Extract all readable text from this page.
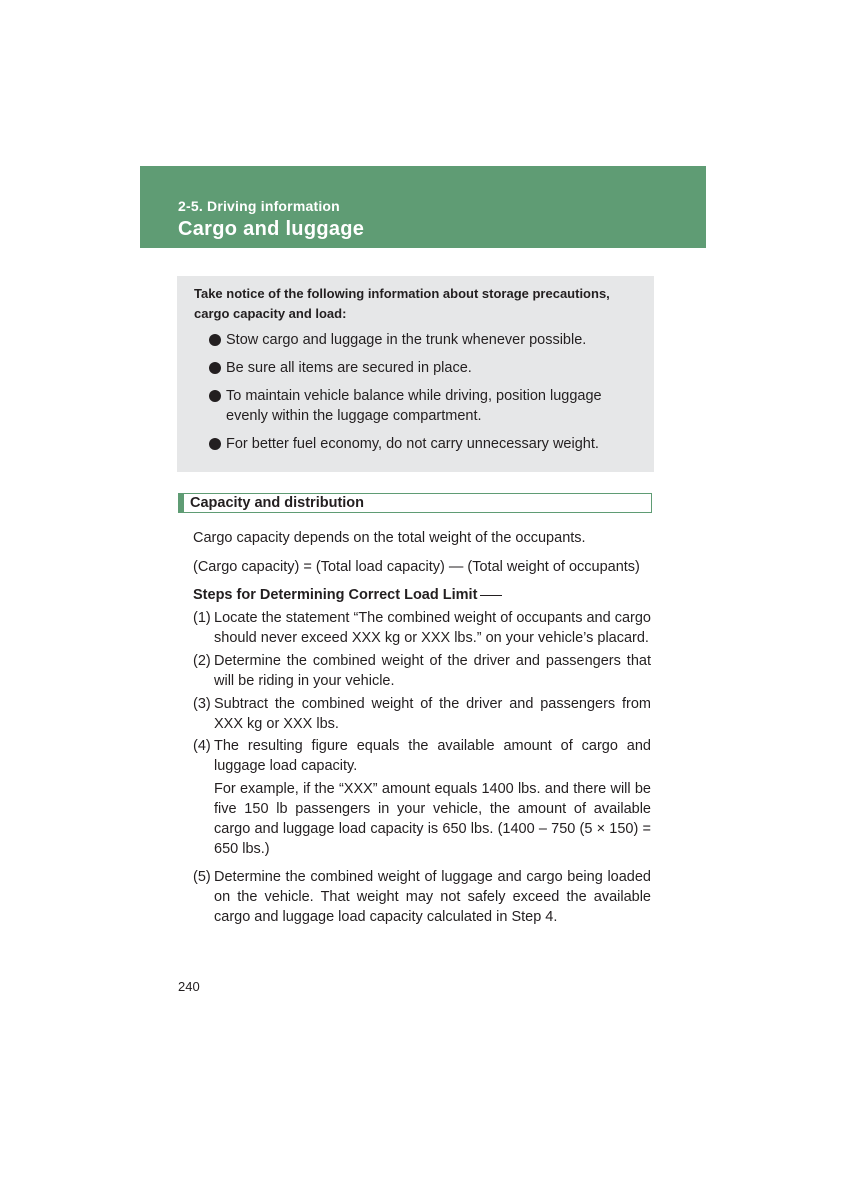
2-5. Driving information
Cargo and luggage
Take notice of the following information about storage precautions, cargo capacity and load:
Stow cargo and luggage in the trunk whenever possible.
Be sure all items are secured in place.
To maintain vehicle balance while driving, position luggage evenly within the luggage compartment.
For better fuel economy, do not carry unnecessary weight.
Capacity and distribution
Cargo capacity depends on the total weight of the occupants.
(Cargo capacity) = (Total load capacity) — (Total weight of occupants)
Steps for Determining Correct Load Limit
(1) Locate the statement “The combined weight of occupants and cargo should never exceed XXX kg or XXX lbs.” on your vehicle’s placard.
(2) Determine the combined weight of the driver and passengers that will be riding in your vehicle.
(3) Subtract the combined weight of the driver and passengers from XXX kg or XXX lbs.
(4) The resulting figure equals the available amount of cargo and luggage load capacity.
For example, if the “XXX” amount equals 1400 lbs. and there will be five 150 lb passengers in your vehicle, the amount of available cargo and luggage load capacity is 650 lbs. (1400 – 750 (5 × 150) = 650 lbs.)
(5) Determine the combined weight of luggage and cargo being loaded on the vehicle. That weight may not safely exceed the available cargo and luggage load capacity calculated in Step 4.
240
